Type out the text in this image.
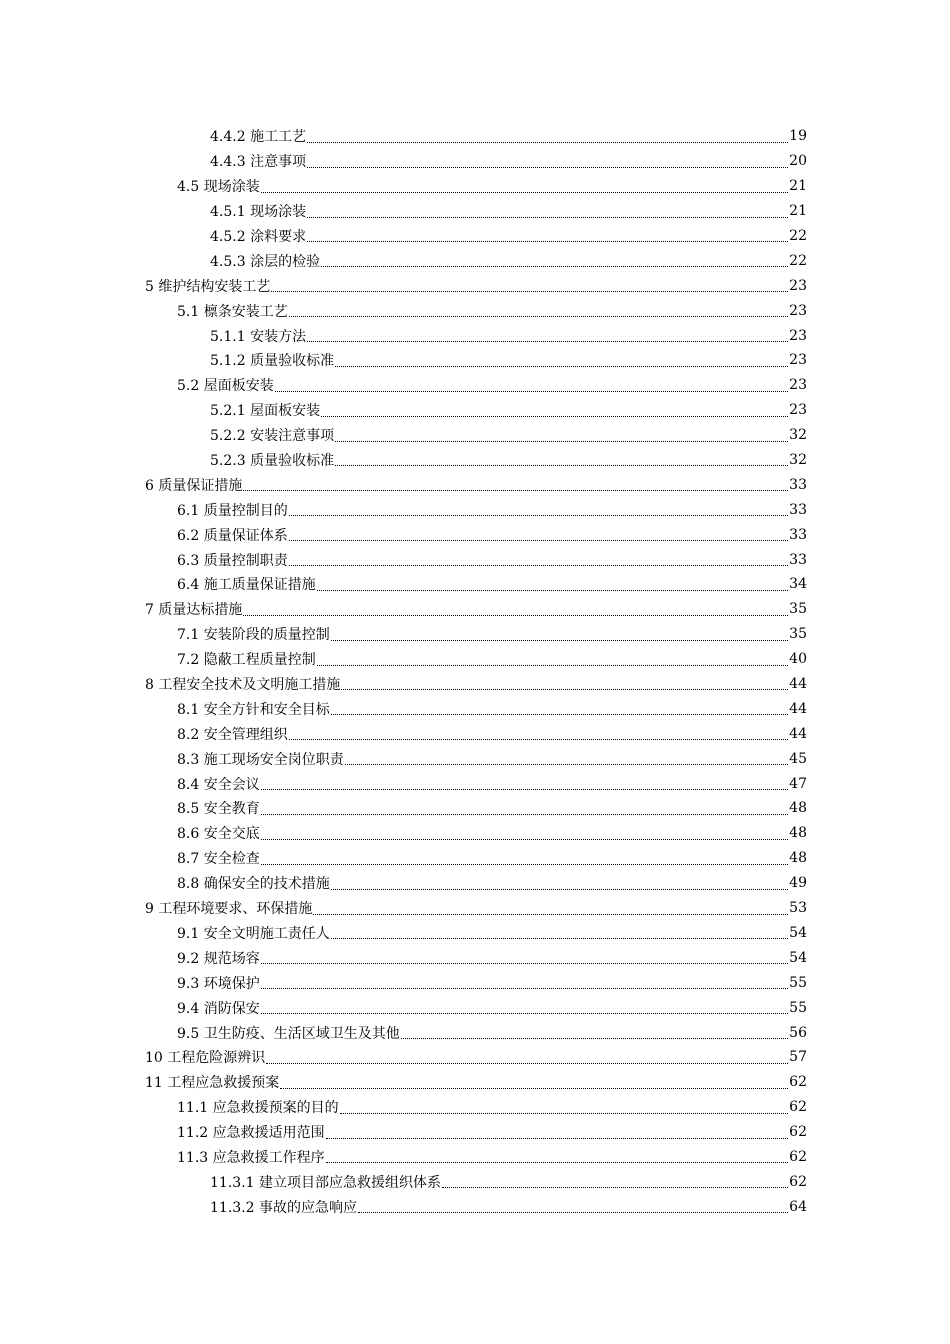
4.4.2 施工工艺	19
4.4.3 注意事项	20
4.5 现场涂装	21
4.5.1 现场涂装	21
4.5.2 涂料要求	22
4.5.3 涂层的检验	22
5 维护结构安装工艺	23
5.1 檩条安装工艺	23
5.1.1 安装方法	23
5.1.2 质量验收标准	23
5.2 屋面板安装	23
5.2.1 屋面板安装	23
5.2.2 安装注意事项	32
5.2.3 质量验收标准	32
6 质量保证措施	33
6.1 质量控制目的	33
6.2 质量保证体系	33
6.3 质量控制职责	33
6.4 施工质量保证措施	34
7 质量达标措施	35
7.1 安装阶段的质量控制	35
7.2 隐蔽工程质量控制	40
8 工程安全技术及文明施工措施	44
8.1 安全方针和安全目标	44
8.2 安全管理组织	44
8.3 施工现场安全岗位职责	45
8.4 安全会议	47
8.5 安全教育	48
8.6 安全交底	48
8.7 安全检查	48
8.8 确保安全的技术措施	49
9 工程环境要求、环保措施	53
9.1 安全文明施工责任人	54
9.2 规范场容	54
9.3 环境保护	55
9.4 消防保安	55
9.5 卫生防疫、生活区域卫生及其他	56
10 工程危险源辨识	57
11 工程应急救援预案	62
11.1 应急救援预案的目的	62
11.2 应急救援适用范围	62
11.3 应急救援工作程序	62
11.3.1 建立项目部应急救援组织体系	62
11.3.2 事故的应急响应	64
